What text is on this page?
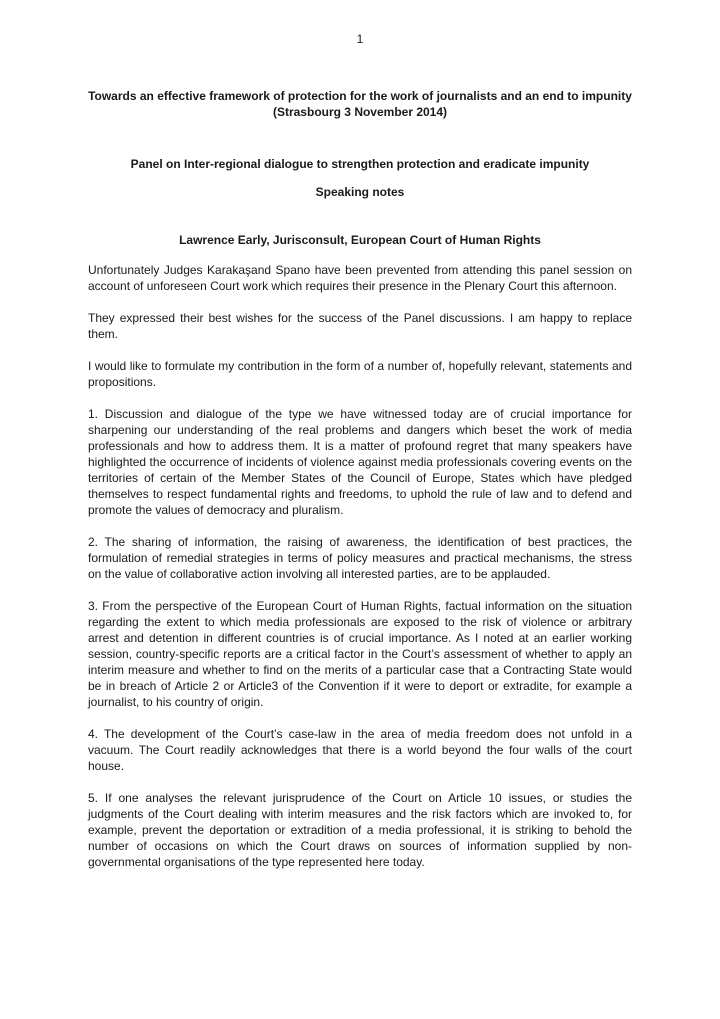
1
Towards an effective framework of protection for the work of journalists and an end to impunity
(Strasbourg 3 November 2014)
Panel on Inter-regional dialogue to strengthen protection and eradicate impunity
Speaking notes
Lawrence Early, Jurisconsult, European Court of Human Rights

Unfortunately Judges Karakaşand Spano have been prevented from attending this panel session on account of unforeseen Court work which requires their presence in the Plenary Court this afternoon.

They expressed their best wishes for the success of the Panel discussions. I am happy to replace them.

I would like to formulate my contribution in the form of a number of, hopefully relevant, statements and propositions.

1. Discussion and dialogue of the type we have witnessed today are of crucial importance for sharpening our understanding of the real problems and dangers which beset the work of media professionals and how to address them. It is a matter of profound regret that many speakers have highlighted the occurrence of incidents of violence against media professionals covering events on the territories of certain of the Member States of the Council of Europe, States which have pledged themselves to respect fundamental rights and freedoms, to uphold the rule of law and to defend and promote the values of democracy and pluralism.

2. The sharing of information, the raising of awareness, the identification of best practices, the formulation of remedial strategies in terms of policy measures and practical mechanisms, the stress on the value of collaborative action involving all interested parties, are to be applauded.

3. From the perspective of the European Court of Human Rights, factual information on the situation regarding the extent to which media professionals are exposed to the risk of violence or arbitrary arrest and detention in different countries is of crucial importance. As I noted at an earlier working session, country-specific reports are a critical factor in the Court’s assessment of whether to apply an interim measure and whether to find on the merits of a particular case that a Contracting State would be in breach of Article 2 or Article3 of the Convention if it were to deport or extradite, for example a journalist, to his country of origin.

4. The development of the Court’s case-law in the area of media freedom does not unfold in a vacuum. The Court readily acknowledges that there is a world beyond the four walls of the court house.

5. If one analyses the relevant jurisprudence of the Court on Article 10 issues, or studies the judgments of the Court dealing with interim measures and the risk factors which are invoked to, for example, prevent the deportation or extradition of a media professional, it is striking to behold the number of occasions on which the Court draws on sources of information supplied by non-governmental organisations of the type represented here today.
